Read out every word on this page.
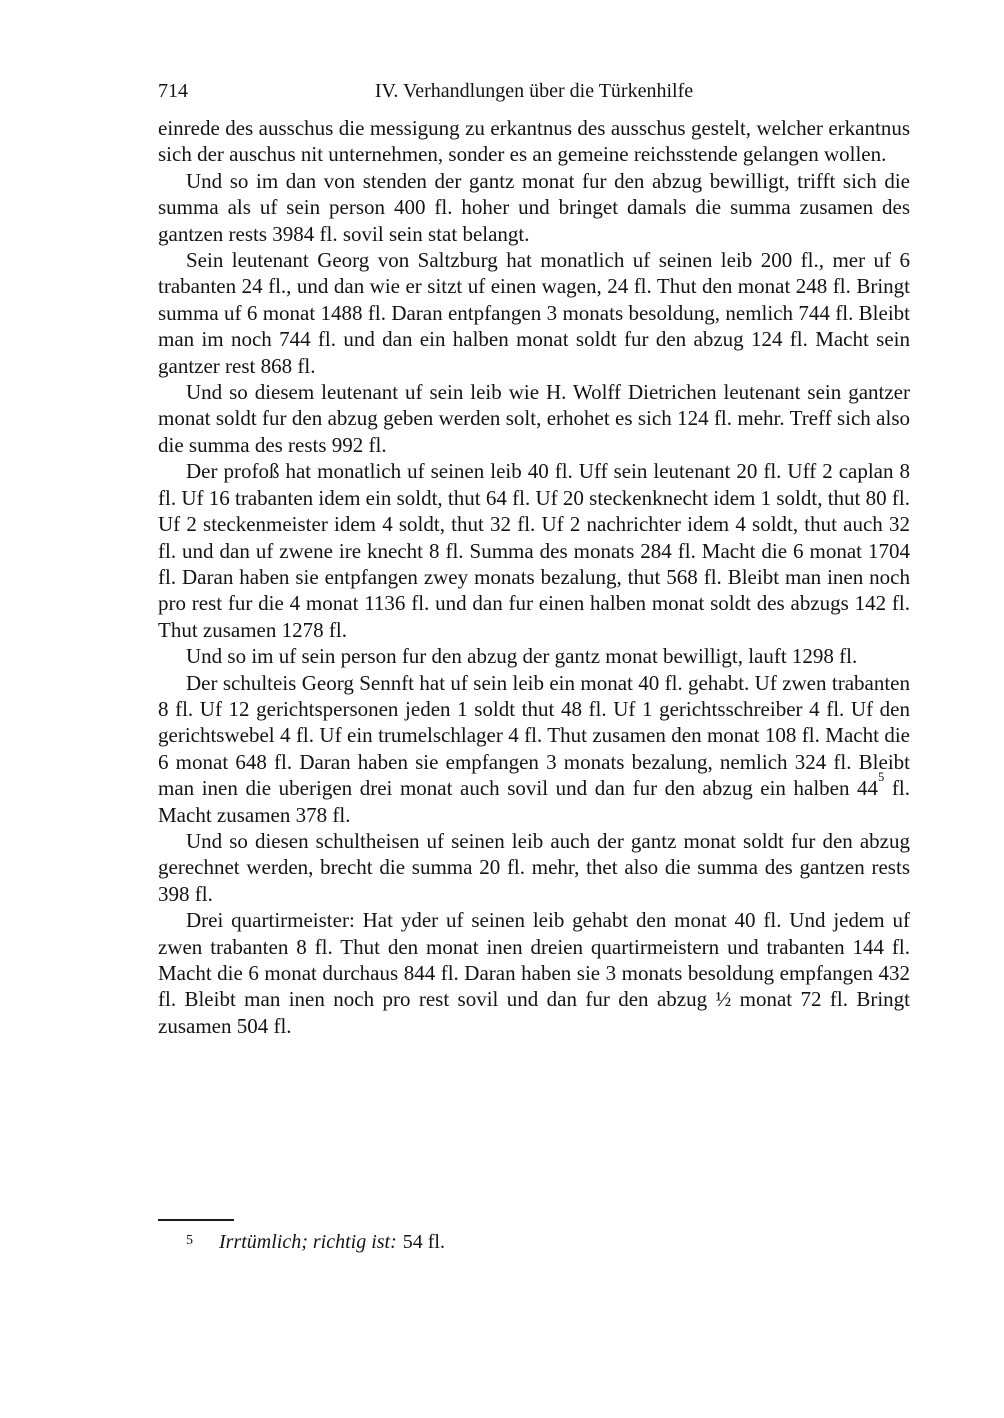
714	IV. Verhandlungen über die Türkenhilfe

einrede des ausschus die messigung zu erkantnus des ausschus gestelt, welcher erkantnus sich der auschus nit unternehmen, sonder es an gemeine reichsstende gelangen wollen.

Und so im dan von stenden der gantz monat fur den abzug bewilligt, trifft sich die summa als uf sein person 400 fl. hoher und bringet damals die summa zusamen des gantzen rests 3984 fl. sovil sein stat belangt.

Sein leutenant Georg von Saltzburg hat monatlich uf seinen leib 200 fl., mer uf 6 trabanten 24 fl., und dan wie er sitzt uf einen wagen, 24 fl. Thut den monat 248 fl. Bringt summa uf 6 monat 1488 fl. Daran entpfangen 3 monats besoldung, nemlich 744 fl. Bleibt man im noch 744 fl. und dan ein halben monat soldt fur den abzug 124 fl. Macht sein gantzer rest 868 fl.

Und so diesem leutenant uf sein leib wie H. Wolff Dietrichen leutenant sein gantzer monat soldt fur den abzug geben werden solt, erhohet es sich 124 fl. mehr. Treff sich also die summa des rests 992 fl.

Der profoß hat monatlich uf seinen leib 40 fl. Uff sein leutenant 20 fl. Uff 2 caplan 8 fl. Uf 16 trabanten idem ein soldt, thut 64 fl. Uf 20 steckenknecht idem 1 soldt, thut 80 fl. Uf 2 steckenmeister idem 4 soldt, thut 32 fl. Uf 2 nachrichter idem 4 soldt, thut auch 32 fl. und dan uf zwene ire knecht 8 fl. Summa des monats 284 fl. Macht die 6 monat 1704 fl. Daran haben sie entpfangen zwey monats bezalung, thut 568 fl. Bleibt man inen noch pro rest fur die 4 monat 1136 fl. und dan fur einen halben monat soldt des abzugs 142 fl. Thut zusamen 1278 fl.

Und so im uf sein person fur den abzug der gantz monat bewilligt, lauft 1298 fl.

Der schulteis Georg Sennft hat uf sein leib ein monat 40 fl. gehabt. Uf zwen trabanten 8 fl. Uf 12 gerichtspersonen jeden 1 soldt thut 48 fl. Uf 1 gerichtsschreiber 4 fl. Uf den gerichtswebel 4 fl. Uf ein trumelschlager 4 fl. Thut zusamen den monat 108 fl. Macht die 6 monat 648 fl. Daran haben sie empfangen 3 monats bezalung, nemlich 324 fl. Bleibt man inen die uberigen drei monat auch sovil und dan fur den abzug ein halben 44$^5$ fl. Macht zusamen 378 fl.

Und so diesen schultheisen uf seinen leib auch der gantz monat soldt fur den abzug gerechnet werden, brecht die summa 20 fl. mehr, thet also die summa des gantzen rests 398 fl.

Drei quartirmeister: Hat yder uf seinen leib gehabt den monat 40 fl. Und jedem uf zwen trabanten 8 fl. Thut den monat inen dreien quartirmeistern und trabanten 144 fl. Macht die 6 monat durchaus 844 fl. Daran haben sie 3 monats besoldung empfangen 432 fl. Bleibt man inen noch pro rest sovil und dan fur den abzug ½ monat 72 fl. Bringt zusamen 504 fl.

$^5$ Irrtümlich; richtig ist: 54 fl.
